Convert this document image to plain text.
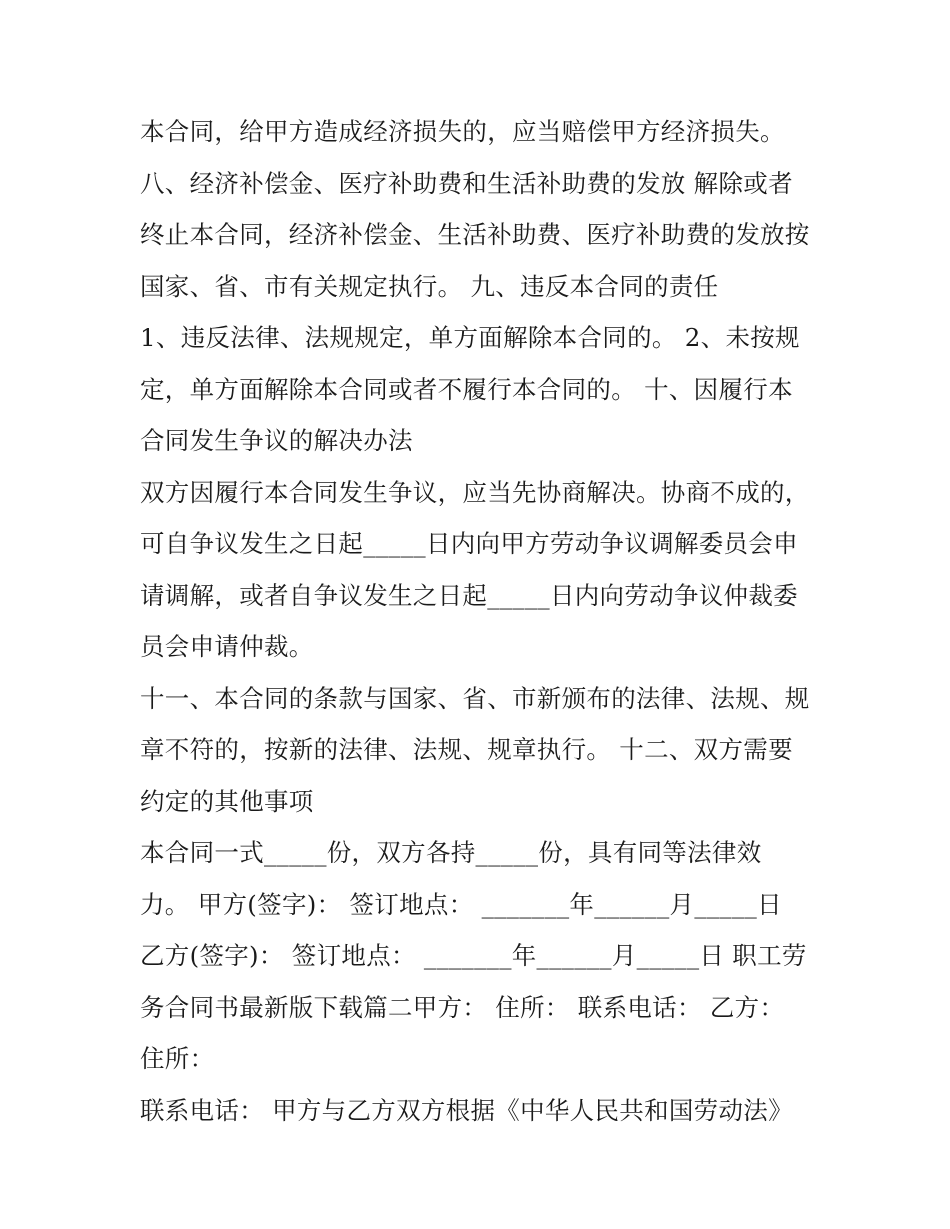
本合同，给甲方造成经济损失的，应当赔偿甲方经济损失。
八、经济补偿金、医疗补助费和生活补助费的发放 解除或者
终止本合同，经济补偿金、生活补助费、医疗补助费的发放按
国家、省、市有关规定执行。 九、违反本合同的责任
1、违反法律、法规规定，单方面解除本合同的。 2、未按规
定，单方面解除本合同或者不履行本合同的。 十、因履行本
合同发生争议的解决办法
双方因履行本合同发生争议，应当先协商解决。协商不成的，
可自争议发生之日起_____日内向甲方劳动争议调解委员会申
请调解，或者自争议发生之日起_____日内向劳动争议仲裁委
员会申请仲裁。
十一、本合同的条款与国家、省、市新颁布的法律、法规、规
章不符的，按新的法律、法规、规章执行。 十二、双方需要
约定的其他事项
本合同一式_____份，双方各持_____份，具有同等法律效
力。 甲方(签字)： 签订地点： _______年______月_____日
乙方(签字)： 签订地点： _______年______月_____日 职工劳
务合同书最新版下载篇二甲方： 住所： 联系电话： 乙方：
住所：
联系电话： 甲方与乙方双方根据《中华人民共和国劳动法》
